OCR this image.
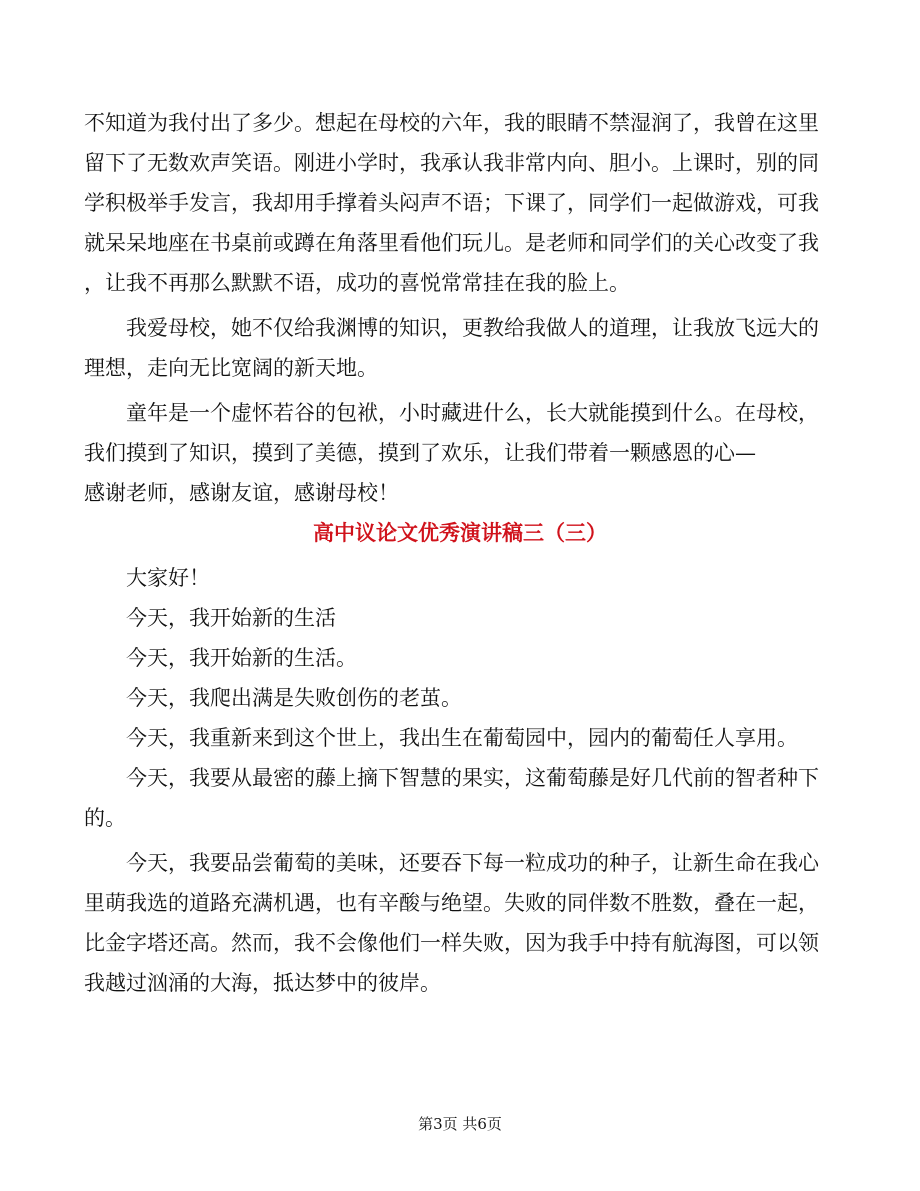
不知道为我付出了多少。想起在母校的六年，我的眼睛不禁湿润了，我曾在这里
留下了无数欢声笑语。刚进小学时，我承认我非常内向、胆小。上课时，别的同
学积极举手发言，我却用手撑着头闷声不语；下课了，同学们一起做游戏，可我
就呆呆地座在书桌前或蹲在角落里看他们玩儿。是老师和同学们的关心改变了我
，让我不再那么默默不语，成功的喜悦常常挂在我的脸上。
我爱母校，她不仅给我渊博的知识，更教给我做人的道理，让我放飞远大的
理想，走向无比宽阔的新天地。
童年是一个虚怀若谷的包袱，小时藏进什么，长大就能摸到什么。在母校，
我们摸到了知识，摸到了美德，摸到了欢乐，让我们带着一颗感恩的心—
感谢老师，感谢友谊，感谢母校！
高中议论文优秀演讲稿三（三）
大家好！
今天，我开始新的生活
今天，我开始新的生活。
今天，我爬出满是失败创伤的老茧。
今天，我重新来到这个世上，我出生在葡萄园中，园内的葡萄任人享用。
今天，我要从最密的藤上摘下智慧的果实，这葡萄藤是好几代前的智者种下
的。
今天，我要品尝葡萄的美味，还要吞下每一粒成功的种子，让新生命在我心
里萌我选的道路充满机遇，也有辛酸与绝望。失败的同伴数不胜数，叠在一起，
比金字塔还高。然而，我不会像他们一样失败，因为我手中持有航海图，可以领
我越过汹涌的大海，抵达梦中的彼岸。
第3页 共6页
